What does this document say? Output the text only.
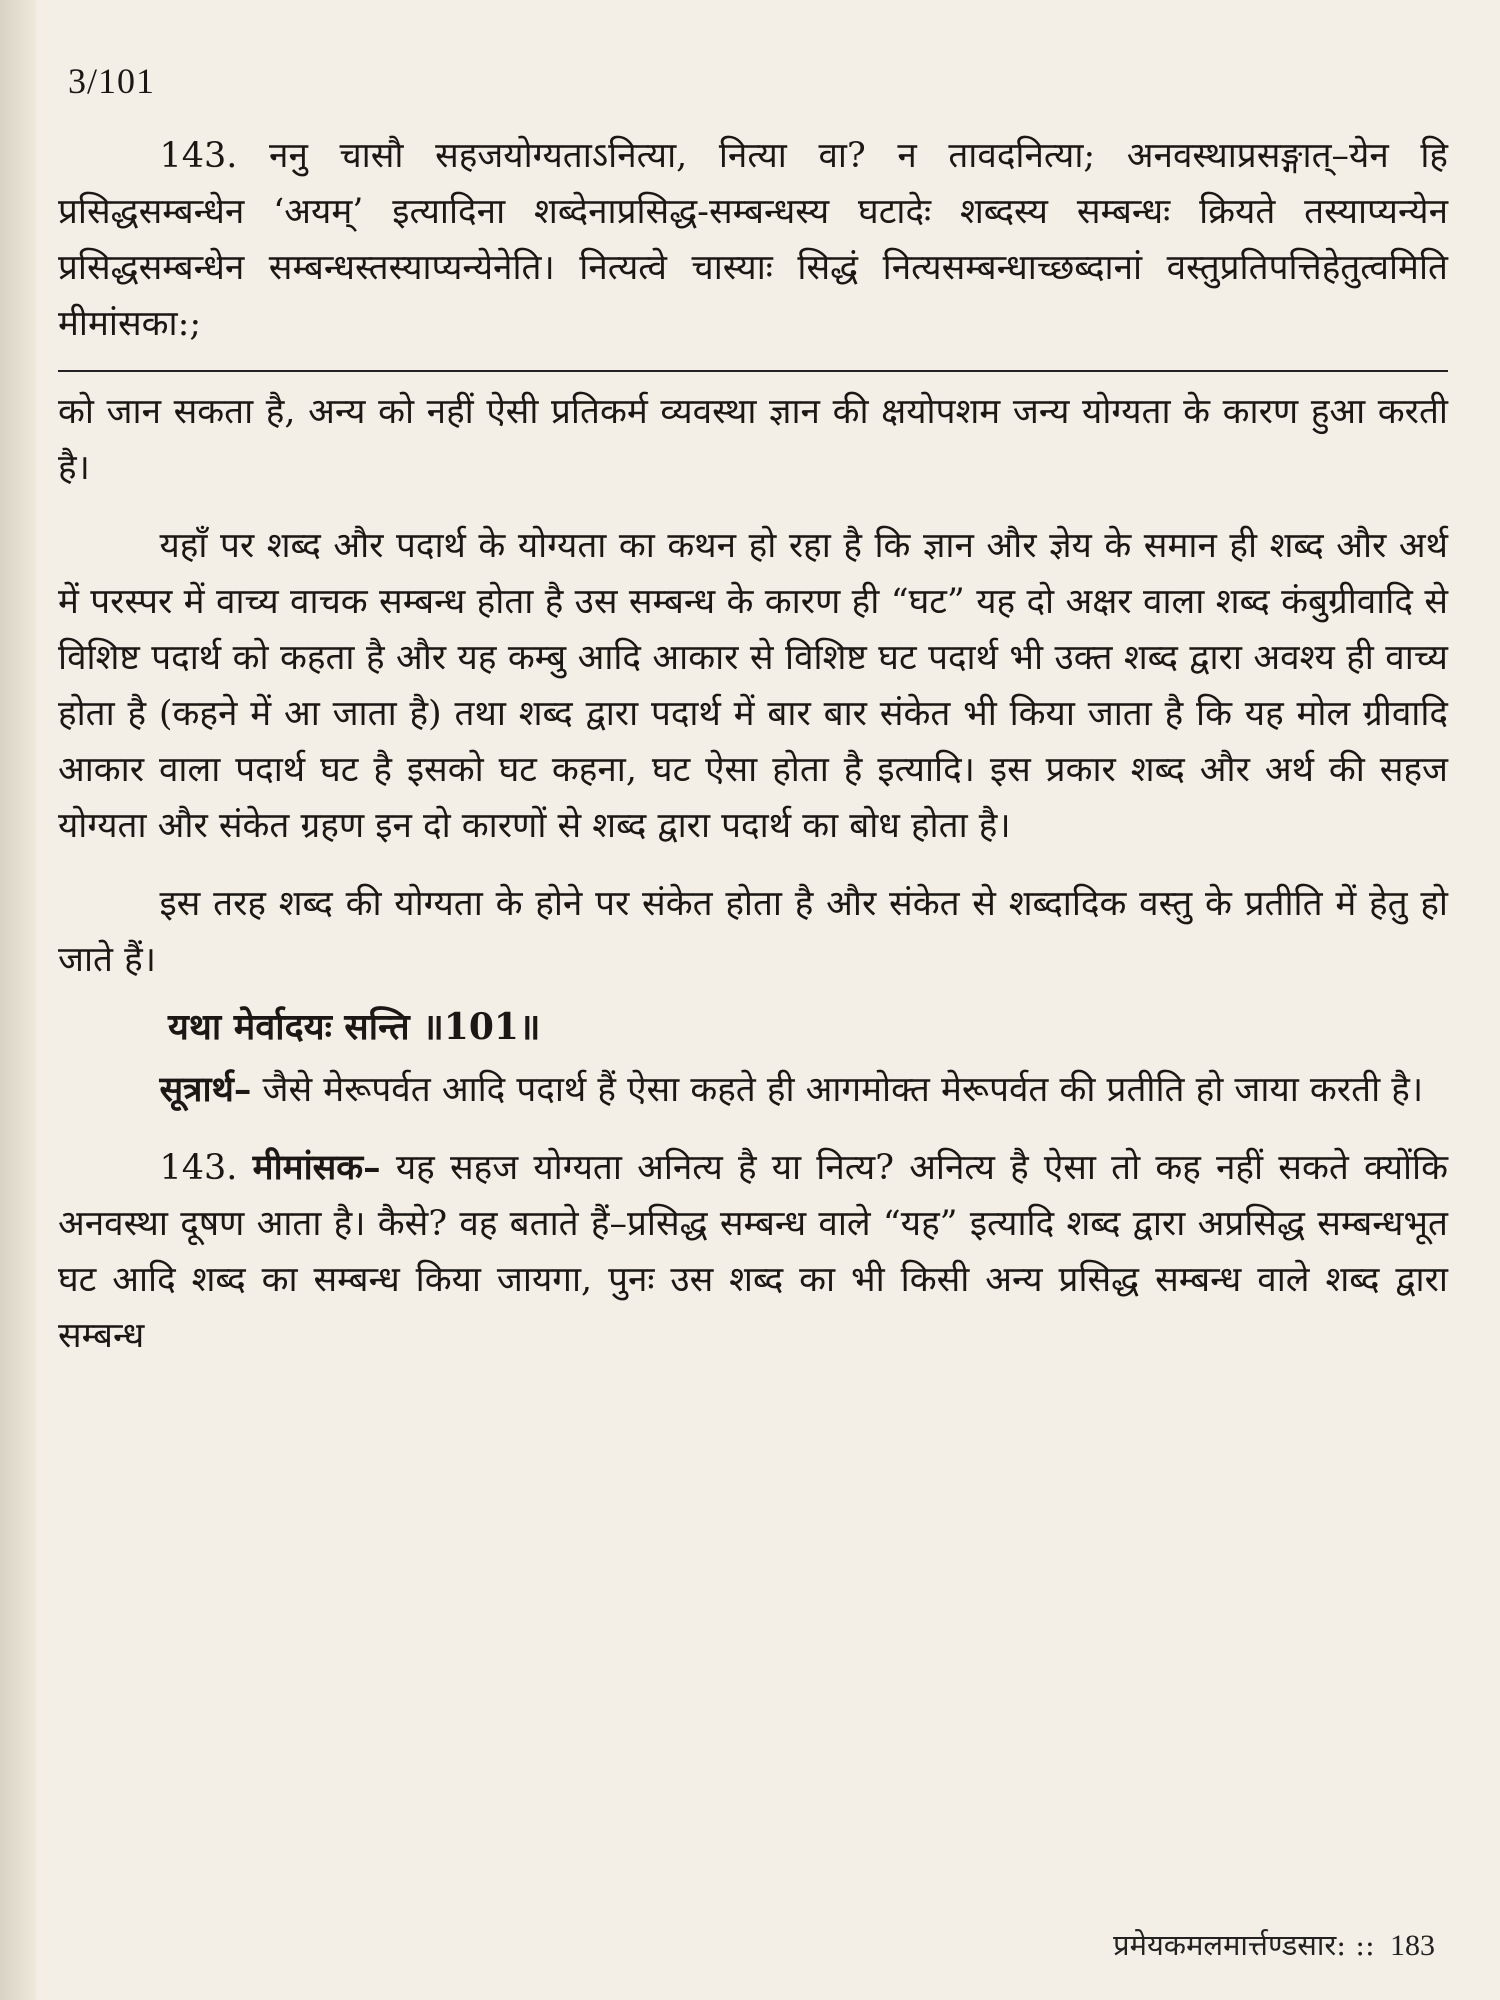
3/101

143. ननु चासौ सहजयोग्यताऽनित्या, नित्या वा? न तावदनित्या; अनवस्थाप्रसङ्गात्–येन हि प्रसिद्धसम्बन्धेन ‘अयम्’ इत्यादिना शब्देनाप्रसिद्ध-सम्बन्धस्य घटादेः शब्दस्य सम्बन्धः क्रियते तस्याप्यन्येन प्रसिद्धसम्बन्धेन सम्बन्धस्तस्याप्यन्येनेति। नित्यत्वे चास्याः सिद्धं नित्यसम्बन्धाच्छब्दानां वस्तुप्रतिपत्तिहेतुत्वमिति मीमांसका:;

को जान सकता है, अन्य को नहीं ऐसी प्रतिकर्म व्यवस्था ज्ञान की क्षयोपशम जन्य योग्यता के कारण हुआ करती है।

यहाँ पर शब्द और पदार्थ के योग्यता का कथन हो रहा है कि ज्ञान और ज्ञेय के समान ही शब्द और अर्थ में परस्पर में वाच्य वाचक सम्बन्ध होता है उस सम्बन्ध के कारण ही “घट” यह दो अक्षर वाला शब्द कंबुग्रीवादि से विशिष्ट पदार्थ को कहता है और यह कम्बु आदि आकार से विशिष्ट घट पदार्थ भी उक्त शब्द द्वारा अवश्य ही वाच्य होता है (कहने में आ जाता है) तथा शब्द द्वारा पदार्थ में बार बार संकेत भी किया जाता है कि यह मोल ग्रीवादि आकार वाला पदार्थ घट है इसको घट कहना, घट ऐसा होता है इत्यादि। इस प्रकार शब्द और अर्थ की सहज योग्यता और संकेत ग्रहण इन दो कारणों से शब्द द्वारा पदार्थ का बोध होता है।

इस तरह शब्द की योग्यता के होने पर संकेत होता है और संकेत से शब्दादिक वस्तु के प्रतीति में हेतु हो जाते हैं।

यथा मेर्वादयः सन्ति ॥101॥

सूत्रार्थ– जैसे मेरूपर्वत आदि पदार्थ हैं ऐसा कहते ही आगमोक्त मेरूपर्वत की प्रतीति हो जाया करती है।

143. मीमांसक– यह सहज योग्यता अनित्य है या नित्य? अनित्य है ऐसा तो कह नहीं सकते क्योंकि अनवस्था दूषण आता है। कैसे? वह बताते हैं–प्रसिद्ध सम्बन्ध वाले “यह” इत्यादि शब्द द्वारा अप्रसिद्ध सम्बन्धभूत घट आदि शब्द का सम्बन्ध किया जायगा, पुनः उस शब्द का भी किसी अन्य प्रसिद्ध सम्बन्ध वाले शब्द द्वारा सम्बन्ध

प्रमेयकमलमार्त्तण्डसार: :: 183
